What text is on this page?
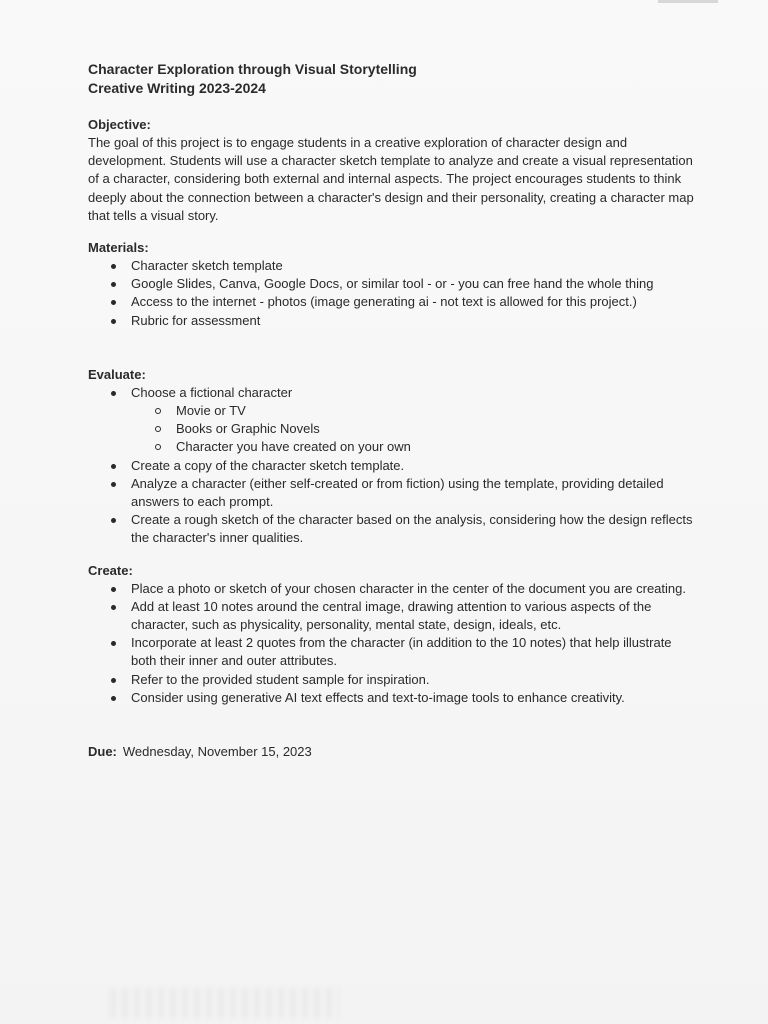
Character Exploration through Visual Storytelling
Creative Writing 2023-2024
Objective:

The goal of this project is to engage students in a creative exploration of character design and development. Students will use a character sketch template to analyze and create a visual representation of a character, considering both external and internal aspects. The project encourages students to think deeply about the connection between a character's design and their personality, creating a character map that tells a visual story.

Materials:
Character sketch template
Google Slides, Canva, Google Docs, or similar tool - or - you can free hand the whole thing
Access to the internet - photos (image generating ai - not text is allowed for this project.)
Rubric for assessment
Evaluate:
Choose a fictional character
Movie or TV
Books or Graphic Novels
Character you have created on your own
Create a copy of the character sketch template.
Analyze a character (either self-created or from fiction) using the template, providing detailed answers to each prompt.
Create a rough sketch of the character based on the analysis, considering how the design reflects the character's inner qualities.
Create:
Place a photo or sketch of your chosen character in the center of the document you are creating.
Add at least 10 notes around the central image, drawing attention to various aspects of the character, such as physicality, personality, mental state, design, ideals, etc.
Incorporate at least 2 quotes from the character (in addition to the 10 notes) that help illustrate both their inner and outer attributes.
Refer to the provided student sample for inspiration.
Consider using generative AI text effects and text-to-image tools to enhance creativity.
Due: Wednesday, November 15, 2023
